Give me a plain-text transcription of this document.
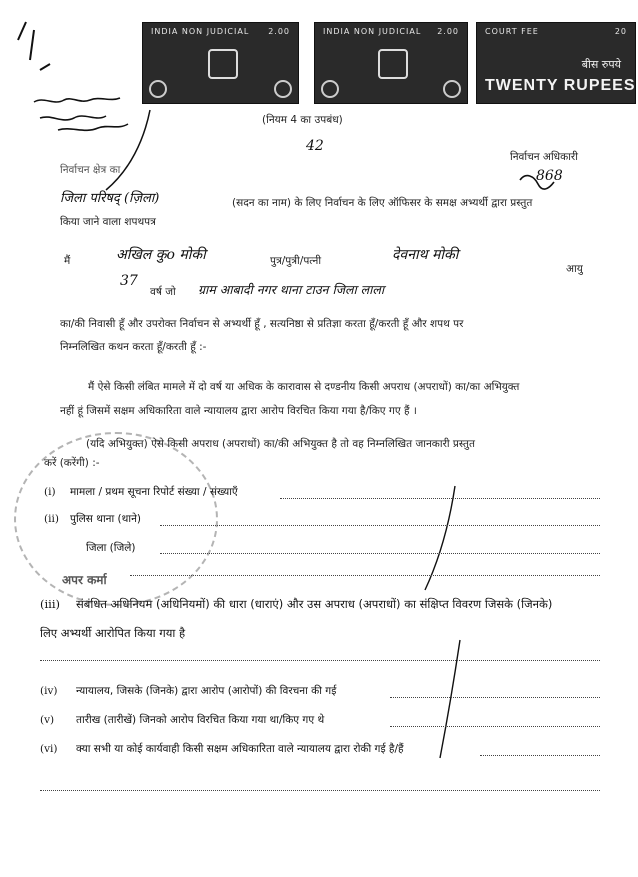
INDIA NON JUDICIAL 2.00	INDIA NON JUDICIAL 2.00	COURT FEE	20
बीस रुपये
TWENTY RUPEES
अपर कर्मा
(नियम 4 का उपबंध)
42
निर्वाचन अधिकारी
निर्वाचन क्षेत्र का	868
जिला परिषद् (ज़िला)	(सदन का नाम) के लिए निर्वाचन के लिए ऑफिसर के समक्ष अभ्यर्थी द्वारा प्रस्तुत
किया जाने वाला शपथपत्र
मैं	अखिल कुo मोकी	पुत्र/पुत्री/पत्नी	देवनाथ मोकी
आयु
37
वर्ष जो ग्राम आबादी नगर थाना टाउन जिला लाला
का/की निवासी हूँ और उपरोक्त निर्वाचन से अभ्यर्थी हूँ , सत्यनिष्ठा से प्रतिज्ञा करता हूँ/करती हूँ और शपथ पर
निम्नलिखित कथन करता हूँ/करती हूँ :-
मैं ऐसे किसी लंबित मामले में दो वर्ष या अधिक के कारावास से दण्डनीय किसी अपराध (अपराधों) का/का अभियुक्त
नहीं हूं जिसमें सक्षम अधिकारिता वाले न्यायालय द्वारा आरोप विरचित किया गया है/किए गए हैं ।
(यदि अभियुक्त) ऐसे किसी अपराध (अपराधों) का/की अभियुक्त है तो वह निम्नलिखित जानकारी प्रस्तुत
करें (करेंगी) :-
(i) मामला / प्रथम सूचना रिपोर्ट संख्या / संख्याएँ
(ii) पुलिस थाना (थाने)
जिला (जिले)
(iii) संबंधित अधिनियम (अधिनियमों) की धारा (धाराएं) और उस अपराध (अपराधों) का संक्षिप्त विवरण जिसके (जिनके)
लिए अभ्यर्थी आरोपित किया गया है
(iv) न्यायालय, जिसके (जिनके) द्वारा आरोप (आरोपों) की विरचना की गई
(v) तारीख (तारीखें) जिनको आरोप विरचित किया गया था/किए गए थे
(vi) क्या सभी या कोई कार्यवाही किसी सक्षम अधिकारिता वाले न्यायालय द्वारा रोकी गई है/हैं
